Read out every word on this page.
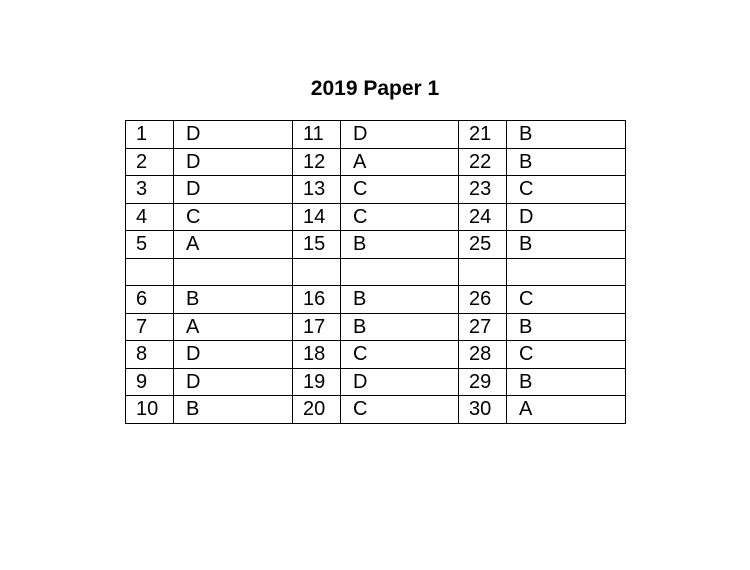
2019 Paper 1
1	D	11	D	21	B
2	D	12	A	22	B
3	D	13	C	23	C
4	C	14	C	24	D
5	A	15	B	25	B

6	B	16	B	26	C
7	A	17	B	27	B
8	D	18	C	28	C
9	D	19	D	29	B
10	B	20	C	30	A
